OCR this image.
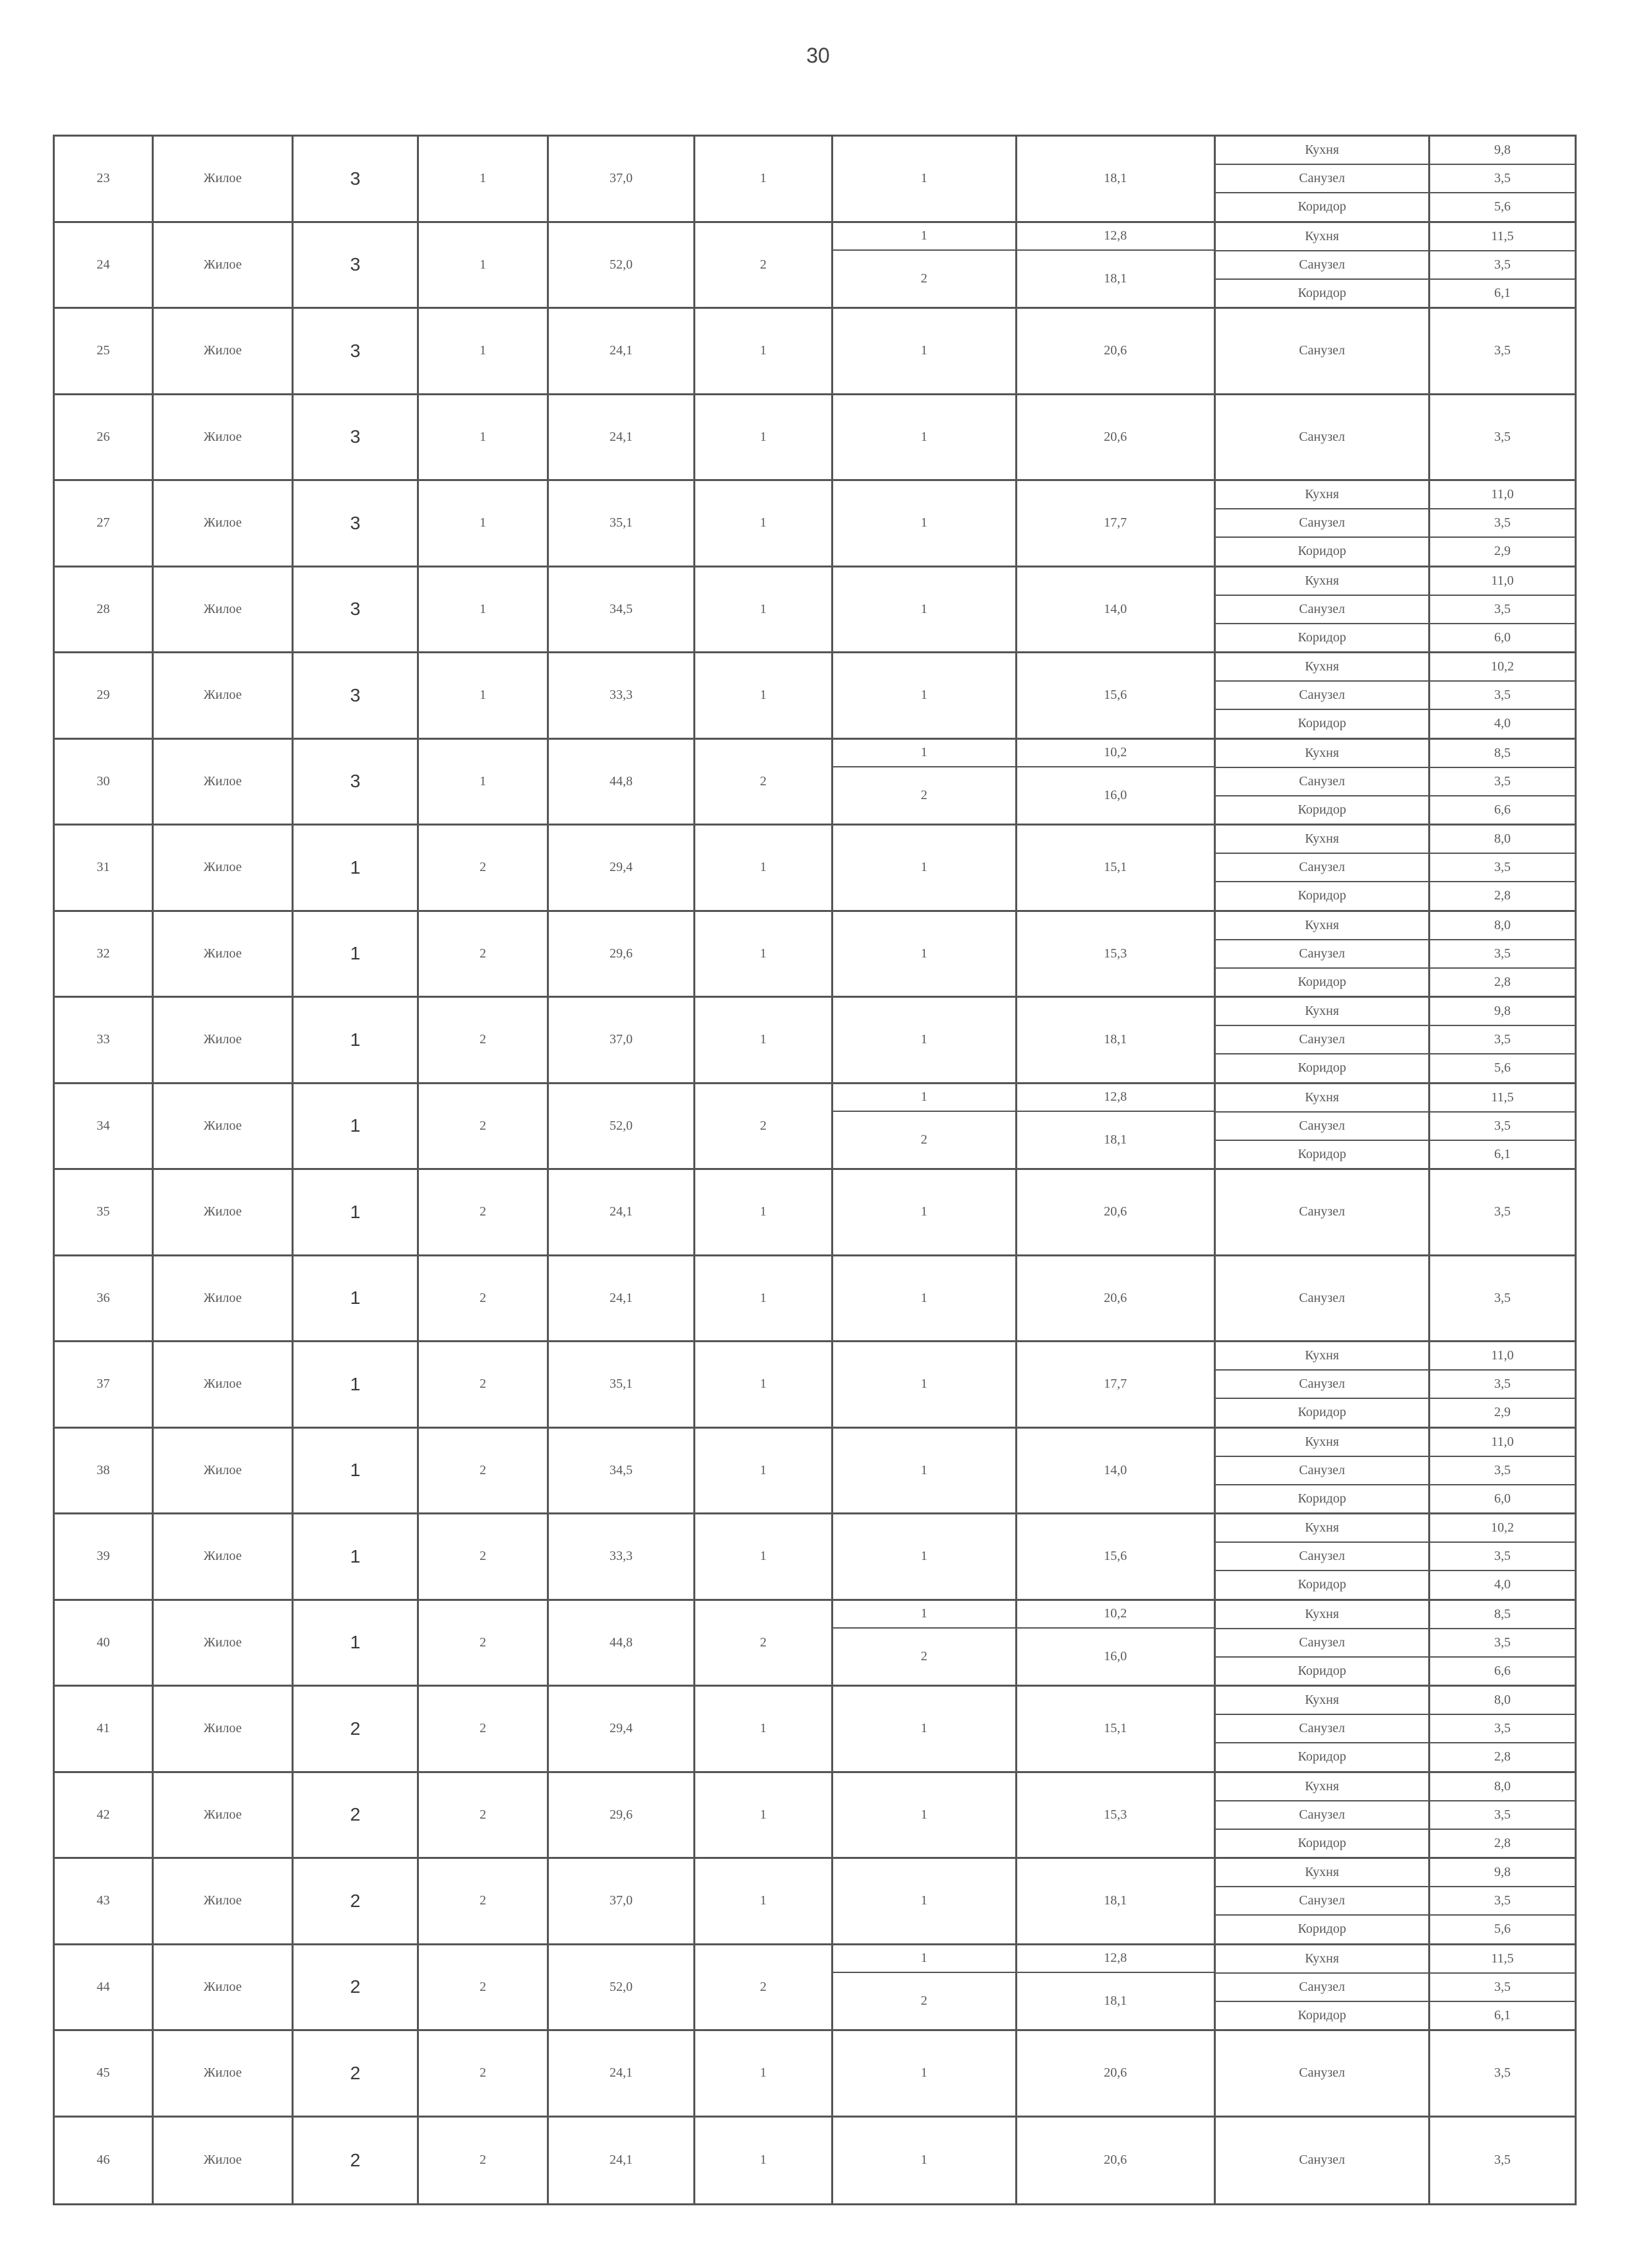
30
23	Жилое	3	1	37,0	1	1	18,1
Кухня	9,8
Санузел	3,5
Коридор	5,6
24	Жилое	3	1	52,0	2
1	12,8
2	18,1
Кухня	11,5
Санузел	3,5
Коридор	6,1
25	Жилое	3	1	24,1	1	1	20,6	Санузел	3,5
26	Жилое	3	1	24,1	1	1	20,6	Санузел	3,5
27	Жилое	3	1	35,1	1	1	17,7
Кухня	11,0
Санузел	3,5
Коридор	2,9
28	Жилое	3	1	34,5	1	1	14,0
Кухня	11,0
Санузел	3,5
Коридор	6,0
29	Жилое	3	1	33,3	1	1	15,6
Кухня	10,2
Санузел	3,5
Коридор	4,0
30	Жилое	3	1	44,8	2
1	10,2
2	16,0
Кухня	8,5
Санузел	3,5
Коридор	6,6
31	Жилое	1	2	29,4	1	1	15,1
Кухня	8,0
Санузел	3,5
Коридор	2,8
32	Жилое	1	2	29,6	1	1	15,3
Кухня	8,0
Санузел	3,5
Коридор	2,8
33	Жилое	1	2	37,0	1	1	18,1
Кухня	9,8
Санузел	3,5
Коридор	5,6
34	Жилое	1	2	52,0	2
1	12,8
2	18,1
Кухня	11,5
Санузел	3,5
Коридор	6,1
35	Жилое	1	2	24,1	1	1	20,6	Санузел	3,5
36	Жилое	1	2	24,1	1	1	20,6	Санузел	3,5
37	Жилое	1	2	35,1	1	1	17,7
Кухня	11,0
Санузел	3,5
Коридор	2,9
38	Жилое	1	2	34,5	1	1	14,0
Кухня	11,0
Санузел	3,5
Коридор	6,0
39	Жилое	1	2	33,3	1	1	15,6
Кухня	10,2
Санузел	3,5
Коридор	4,0
40	Жилое	1	2	44,8	2
1	10,2
2	16,0
Кухня	8,5
Санузел	3,5
Коридор	6,6
41	Жилое	2	2	29,4	1	1	15,1
Кухня	8,0
Санузел	3,5
Коридор	2,8
42	Жилое	2	2	29,6	1	1	15,3
Кухня	8,0
Санузел	3,5
Коридор	2,8
43	Жилое	2	2	37,0	1	1	18,1
Кухня	9,8
Санузел	3,5
Коридор	5,6
44	Жилое	2	2	52,0	2
1	12,8
2	18,1
Кухня	11,5
Санузел	3,5
Коридор	6,1
45	Жилое	2	2	24,1	1	1	20,6	Санузел	3,5
46	Жилое	2	2	24,1	1	1	20,6	Санузел	3,5
